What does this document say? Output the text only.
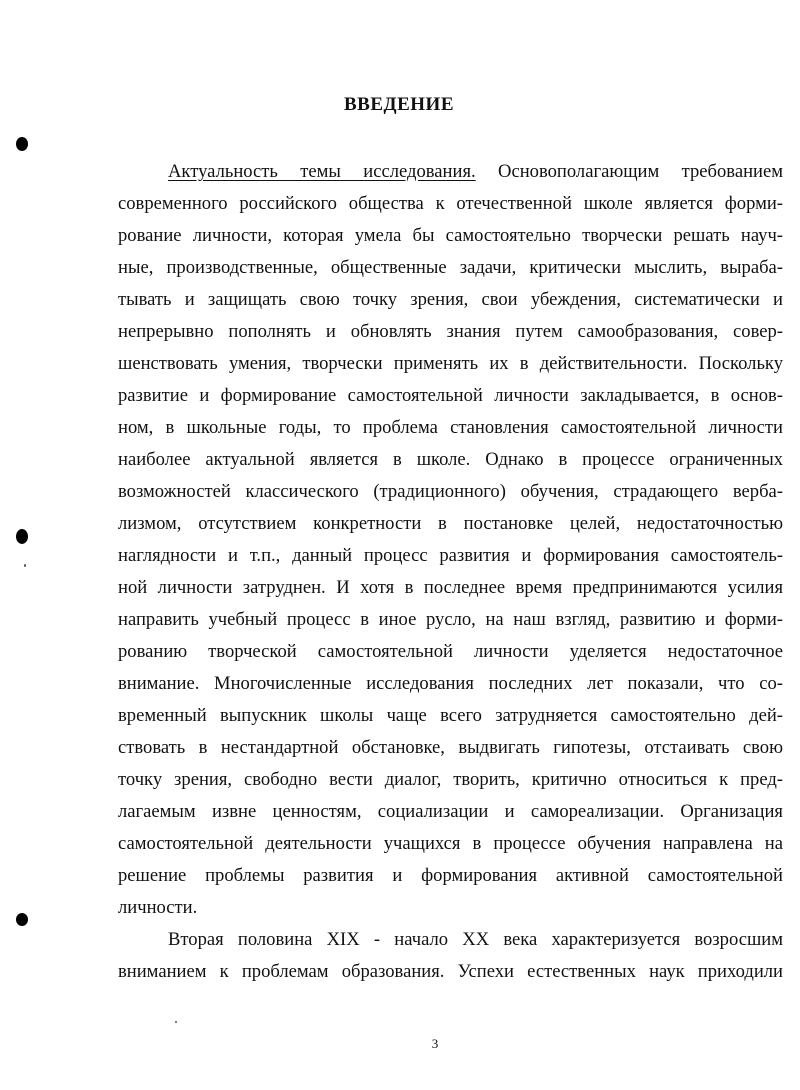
ВВЕДЕНИЕ
Актуальность темы исследования. Основополагающим требованием
современного российского общества к отечественной школе является форми-
рование личности, которая умела бы самостоятельно творчески решать науч-
ные, производственные, общественные задачи, критически мыслить, выраба-
тывать и защищать свою точку зрения, свои убеждения, систематически и
непрерывно пополнять и обновлять знания путем самообразования, совер-
шенствовать умения, творчески применять их в действительности. Поскольку
развитие и формирование самостоятельной личности закладывается, в основ-
ном, в школьные годы, то проблема становления самостоятельной личности
наиболее актуальной является в школе. Однако в процессе ограниченных
возможностей классического (традиционного) обучения, страдающего верба-
лизмом, отсутствием конкретности в постановке целей, недостаточностью
наглядности и т.п., данный процесс развития и формирования самостоятель-
ной личности затруднен. И хотя в последнее время предпринимаются усилия
направить учебный процесс в иное русло, на наш взгляд, развитию и форми-
рованию творческой самостоятельной личности уделяется недостаточное
внимание. Многочисленные исследования последних лет показали, что со-
временный выпускник школы чаще всего затрудняется самостоятельно дей-
ствовать в нестандартной обстановке, выдвигать гипотезы, отстаивать свою
точку зрения, свободно вести диалог, творить, критично относиться к пред-
лагаемым извне ценностям, социализации и самореализации. Организация
самостоятельной деятельности учащихся в процессе обучения направлена на
решение проблемы развития и формирования активной самостоятельной
личности.
Вторая половина XIX - начало XX века характеризуется возросшим
вниманием к проблемам образования. Успехи естественных наук приходили
3
